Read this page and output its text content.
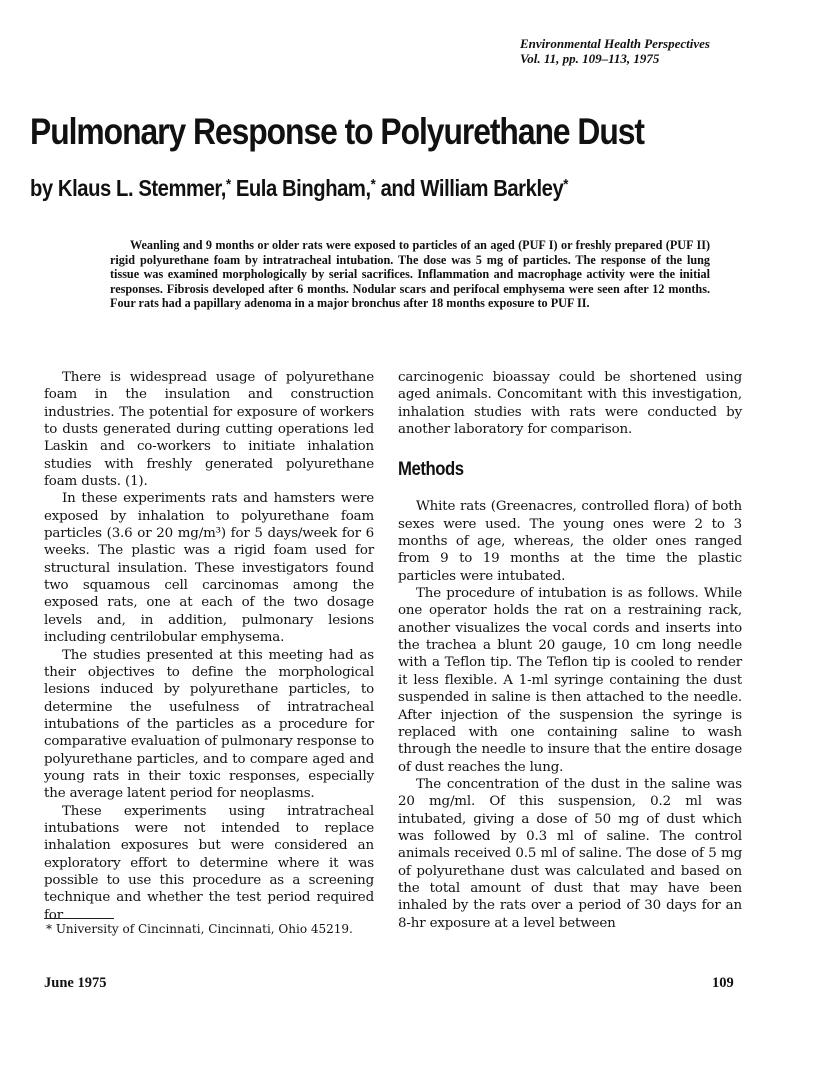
Environmental Health Perspectives
Vol. 11, pp. 109–113, 1975
Pulmonary Response to Polyurethane Dust
by Klaus L. Stemmer,* Eula Bingham,* and William Barkley*

Weanling and 9 months or older rats were exposed to particles of an aged (PUF I) or freshly prepared (PUF II) rigid polyurethane foam by intratracheal intubation. The dose was 5 mg of particles. The response of the lung tissue was examined morphologically by serial sacrifices. Inflammation and macrophage activity were the initial responses. Fibrosis developed after 6 months. Nodular scars and perifocal emphysema were seen after 12 months. Four rats had a papillary adenoma in a major bronchus after 18 months exposure to PUF II.

There is widespread usage of polyurethane foam in the insulation and construction industries. The potential for exposure of workers to dusts generated during cutting operations led Laskin and co-workers to initiate inhalation studies with freshly generated polyurethane foam dusts. (1).

In these experiments rats and hamsters were exposed by inhalation to polyurethane foam particles (3.6 or 20 mg/m³) for 5 days/week for 6 weeks. The plastic was a rigid foam used for structural insulation. These investigators found two squamous cell carcinomas among the exposed rats, one at each of the two dosage levels and, in addition, pulmonary lesions including centrilobular emphysema.

The studies presented at this meeting had as their objectives to define the morphological lesions induced by polyurethane particles, to determine the usefulness of intratracheal intubations of the particles as a procedure for comparative evaluation of pulmonary response to polyurethane particles, and to compare aged and young rats in their toxic responses, especially the average latent period for neoplasms.

These experiments using intratracheal intubations were not intended to replace inhalation exposures but were considered an exploratory effort to determine where it was possible to use this procedure as a screening technique and whether the test period required for

carcinogenic bioassay could be shortened using aged animals. Concomitant with this investigation, inhalation studies with rats were conducted by another laboratory for comparison.

Methods

White rats (Greenacres, controlled flora) of both sexes were used. The young ones were 2 to 3 months of age, whereas, the older ones ranged from 9 to 19 months at the time the plastic particles were intubated.

The procedure of intubation is as follows. While one operator holds the rat on a restraining rack, another visualizes the vocal cords and inserts into the trachea a blunt 20 gauge, 10 cm long needle with a Teflon tip. The Teflon tip is cooled to render it less flexible. A 1-ml syringe containing the dust suspended in saline is then attached to the needle. After injection of the suspension the syringe is replaced with one containing saline to wash through the needle to insure that the entire dosage of dust reaches the lung.

The concentration of the dust in the saline was 20 mg/ml. Of this suspension, 0.2 ml was intubated, giving a dose of 50 mg of dust which was followed by 0.3 ml of saline. The control animals received 0.5 ml of saline. The dose of 5 mg of polyurethane dust was calculated and based on the total amount of dust that may have been inhaled by the rats over a period of 30 days for an 8-hr exposure at a level between

* University of Cincinnati, Cincinnati, Ohio 45219.
June 1975	109
